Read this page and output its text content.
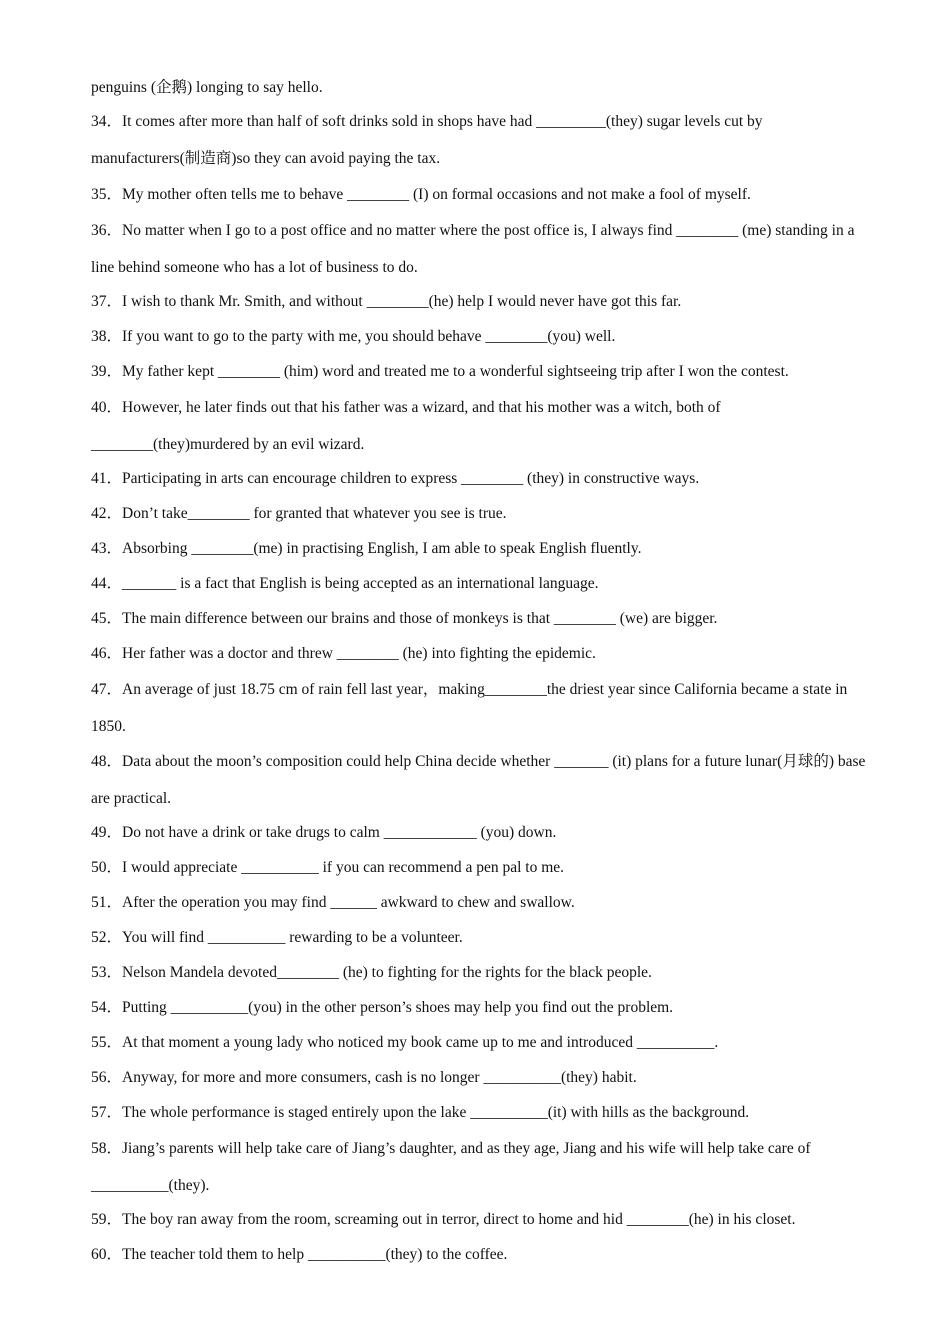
penguins (企鹅) longing to say hello.
34．It comes after more than half of soft drinks sold in shops have had _________(they) sugar levels cut by manufacturers(制造商)so they can avoid paying the tax.
35．My mother often tells me to behave ________ (I) on formal occasions and not make a fool of myself.
36．No matter when I go to a post office and no matter where the post office is, I always find ________ (me) standing in a line behind someone who has a lot of business to do.
37．I wish to thank Mr. Smith, and without ________(he) help I would never have got this far.
38．If you want to go to the party with me, you should behave ________(you) well.
39．My father kept ________ (him) word and treated me to a wonderful sightseeing trip after I won the contest.
40．However, he later finds out that his father was a wizard, and that his mother was a witch, both of ________(they)murdered by an evil wizard.
41．Participating in arts can encourage children to express ________ (they) in constructive ways.
42．Don’t take________ for granted that whatever you see is true.
43．Absorbing ________(me) in practising English, I am able to speak English fluently.
44．_______ is a fact that English is being accepted as an international language.
45．The main difference between our brains and those of monkeys is that ________ (we) are bigger.
46．Her father was a doctor and threw ________ (he) into fighting the epidemic.
47．An average of just 18.75 cm of rain fell last year，making________the driest year since California became a state in 1850.
48．Data about the moon’s composition could help China decide whether _______ (it) plans for a future lunar(月球的) base are practical.
49．Do not have a drink or take drugs to calm ____________ (you) down.
50．I would appreciate __________ if you can recommend a pen pal to me.
51．After the operation you may find ______ awkward to chew and swallow.
52．You will find __________ rewarding to be a volunteer.
53．Nelson Mandela devoted________ (he) to fighting for the rights for the black people.
54．Putting __________(you) in the other person’s shoes may help you find out the problem.
55．At that moment a young lady who noticed my book came up to me and introduced __________.
56．Anyway, for more and more consumers, cash is no longer __________(they) habit.
57．The whole performance is staged entirely upon the lake __________(it) with hills as the background.
58．Jiang’s parents will help take care of Jiang’s daughter, and as they age, Jiang and his wife will help take care of __________(they).
59．The boy ran away from the room, screaming out in terror, direct to home and hid ________(he) in his closet.
60．The teacher told them to help __________(they) to the coffee.
